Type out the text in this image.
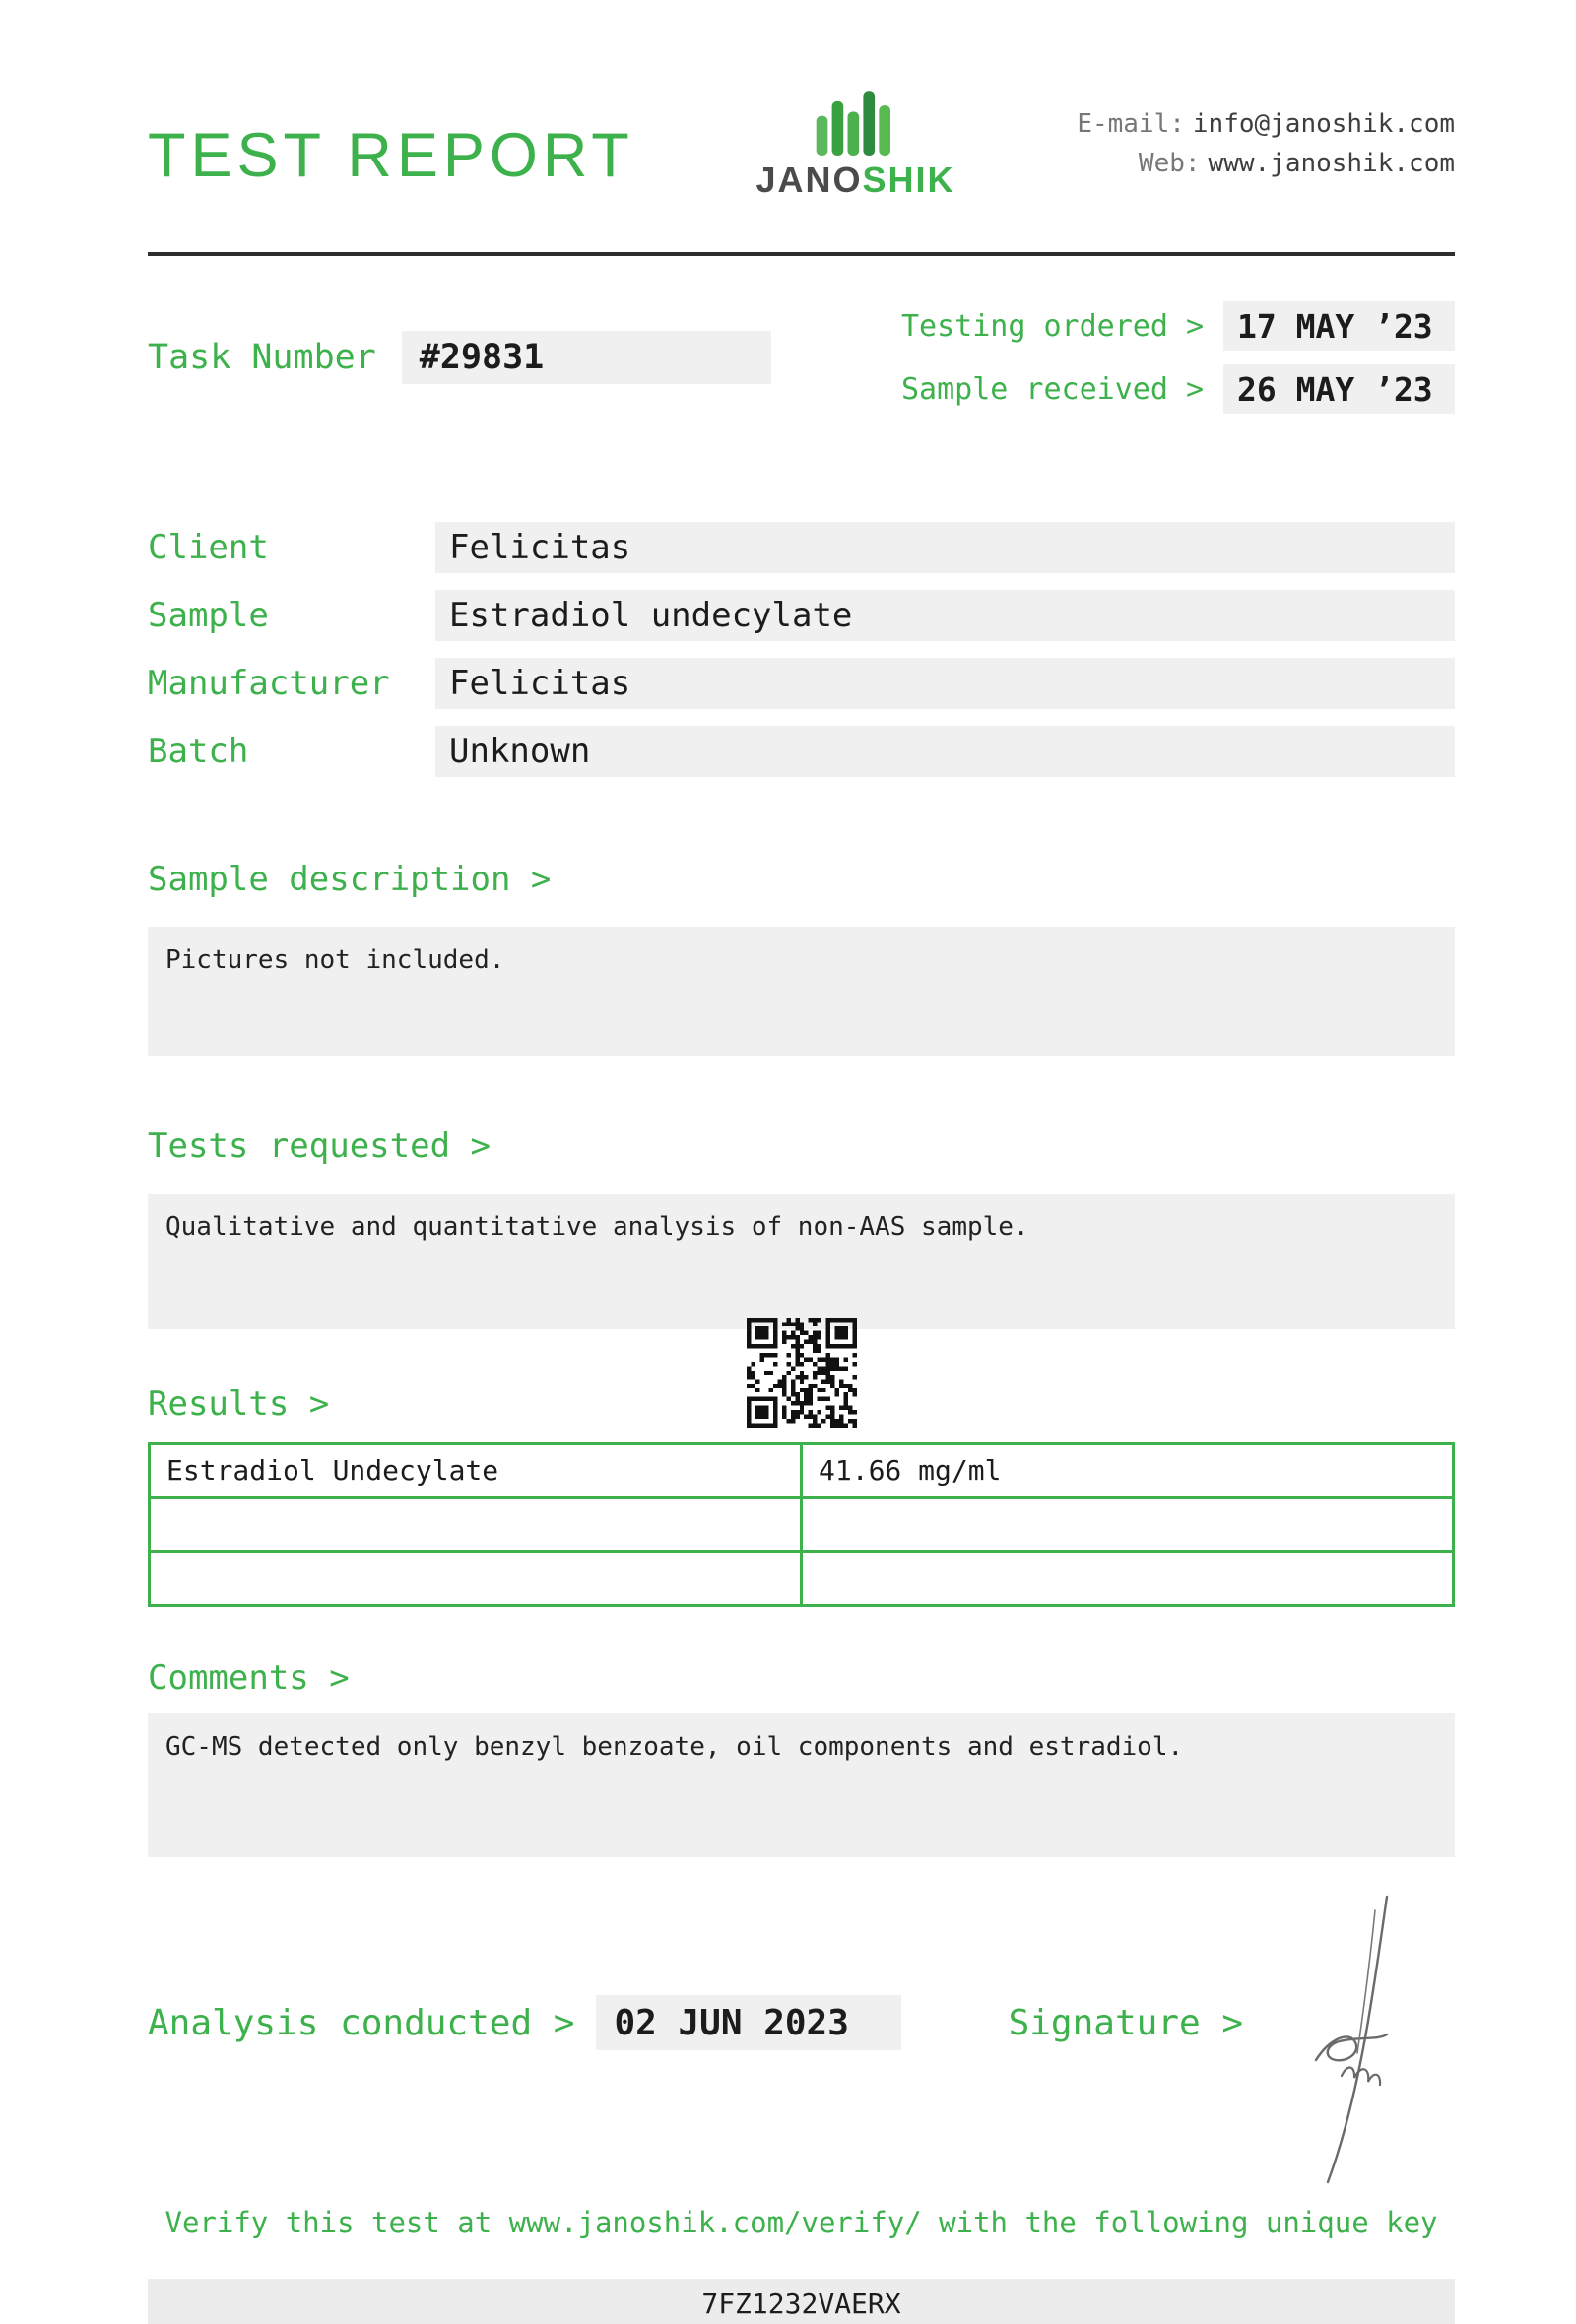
TEST REPORT	JANOSHIK
E-mail: info@janoshik.com
Web: www.janoshik.com
Task Number	#29831
Testing ordered >	17 MAY ’23
Sample received >	26 MAY ’23
Client	Felicitas
Sample	Estradiol undecylate
Manufacturer	Felicitas
Batch	Unknown
Sample description >
Pictures not included.
Tests requested >
Qualitative and quantitative analysis of non-AAS sample.
Results >
Estradiol Undecylate	41.66 mg/ml

Comments >
GC-MS detected only benzyl benzoate, oil components and estradiol.
Analysis conducted >	02 JUN 2023	Signature >
Verify this test at www.janoshik.com/verify/ with the following unique key
7FZ1232VAERX
